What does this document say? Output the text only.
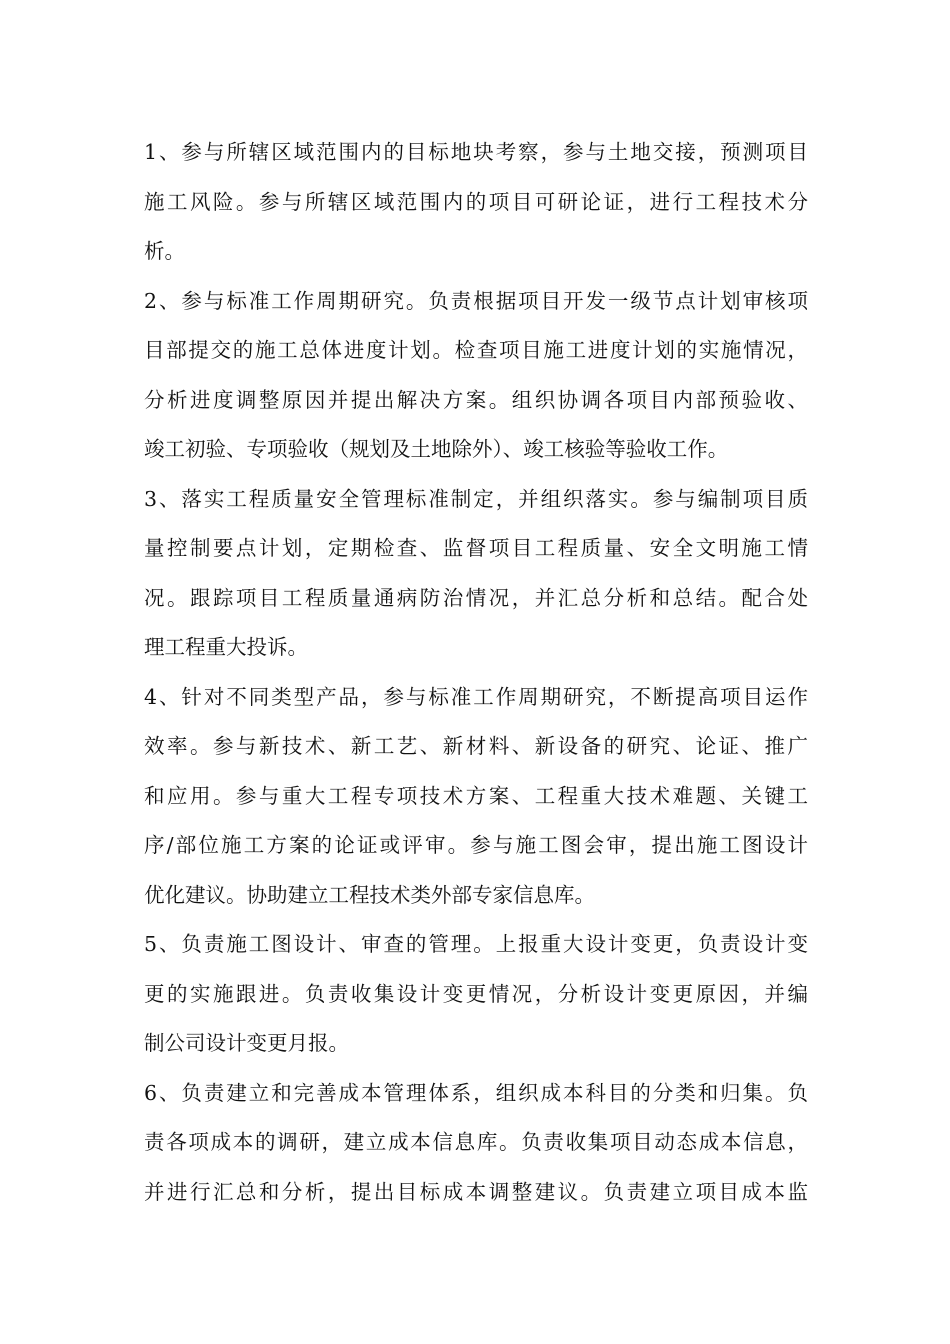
1、参与所辖区域范围内的目标地块考察，参与土地交接，预测项目
施工风险。参与所辖区域范围内的项目可研论证，进行工程技术分
析。
2、参与标准工作周期研究。负责根据项目开发一级节点计划审核项
目部提交的施工总体进度计划。检查项目施工进度计划的实施情况，
分析进度调整原因并提出解决方案。组织协调各项目内部预验收、
竣工初验、专项验收（规划及土地除外）、竣工核验等验收工作。
3、落实工程质量安全管理标准制定，并组织落实。参与编制项目质
量控制要点计划，定期检查、监督项目工程质量、安全文明施工情
况。跟踪项目工程质量通病防治情况，并汇总分析和总结。配合处
理工程重大投诉。
4、针对不同类型产品，参与标准工作周期研究，不断提高项目运作
效率。参与新技术、新工艺、新材料、新设备的研究、论证、推广
和应用。参与重大工程专项技术方案、工程重大技术难题、关键工
序/部位施工方案的论证或评审。参与施工图会审，提出施工图设计
优化建议。协助建立工程技术类外部专家信息库。
5、负责施工图设计、审查的管理。上报重大设计变更，负责设计变
更的实施跟进。负责收集设计变更情况，分析设计变更原因，并编
制公司设计变更月报。
6、负责建立和完善成本管理体系，组织成本科目的分类和归集。负
责各项成本的调研，建立成本信息库。负责收集项目动态成本信息，
并进行汇总和分析，提出目标成本调整建议。负责建立项目成本监
